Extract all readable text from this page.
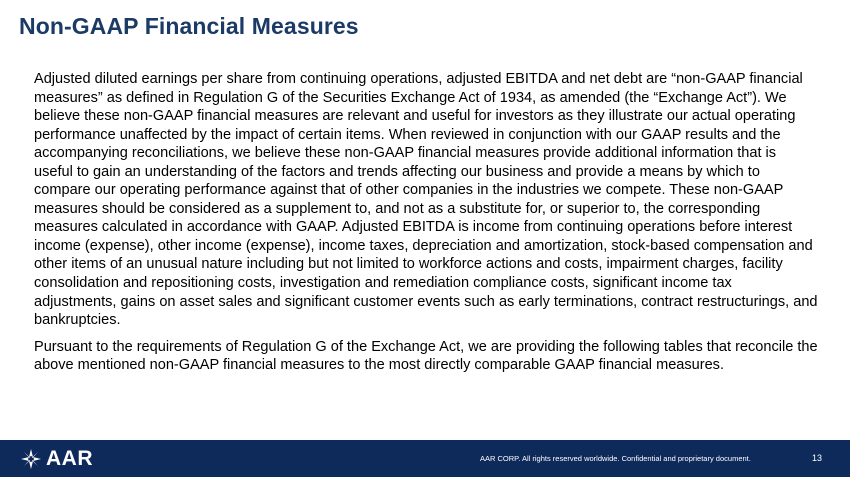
Non-GAAP Financial Measures

Adjusted diluted earnings per share from continuing operations, adjusted EBITDA and net debt are “non-GAAP financial measures” as defined in Regulation G of the Securities Exchange Act of 1934, as amended (the “Exchange Act”). We believe these non-GAAP financial measures are relevant and useful for investors as they illustrate our actual operating performance unaffected by the impact of certain items. When reviewed in conjunction with our GAAP results and the accompanying reconciliations, we believe these non-GAAP financial measures provide additional information that is useful to gain an understanding of the factors and trends affecting our business and provide a means by which to compare our operating performance against that of other companies in the industries we compete. These non-GAAP measures should be considered as a supplement to, and not as a substitute for, or superior to, the corresponding measures calculated in accordance with GAAP. Adjusted EBITDA is income from continuing operations before interest income (expense), other income (expense), income taxes, depreciation and amortization, stock-based compensation and other items of an unusual nature including but not limited to workforce actions and costs, impairment charges, facility consolidation and repositioning costs, investigation and remediation compliance costs, significant income tax adjustments, gains on asset sales and significant customer events such as early terminations, contract restructurings, and bankruptcies.

Pursuant to the requirements of Regulation G of the Exchange Act, we are providing the following tables that reconcile the above mentioned non-GAAP financial measures to the most directly comparable GAAP financial measures.

AAR	AAR CORP. All rights reserved worldwide. Confidential and proprietary document.	13
